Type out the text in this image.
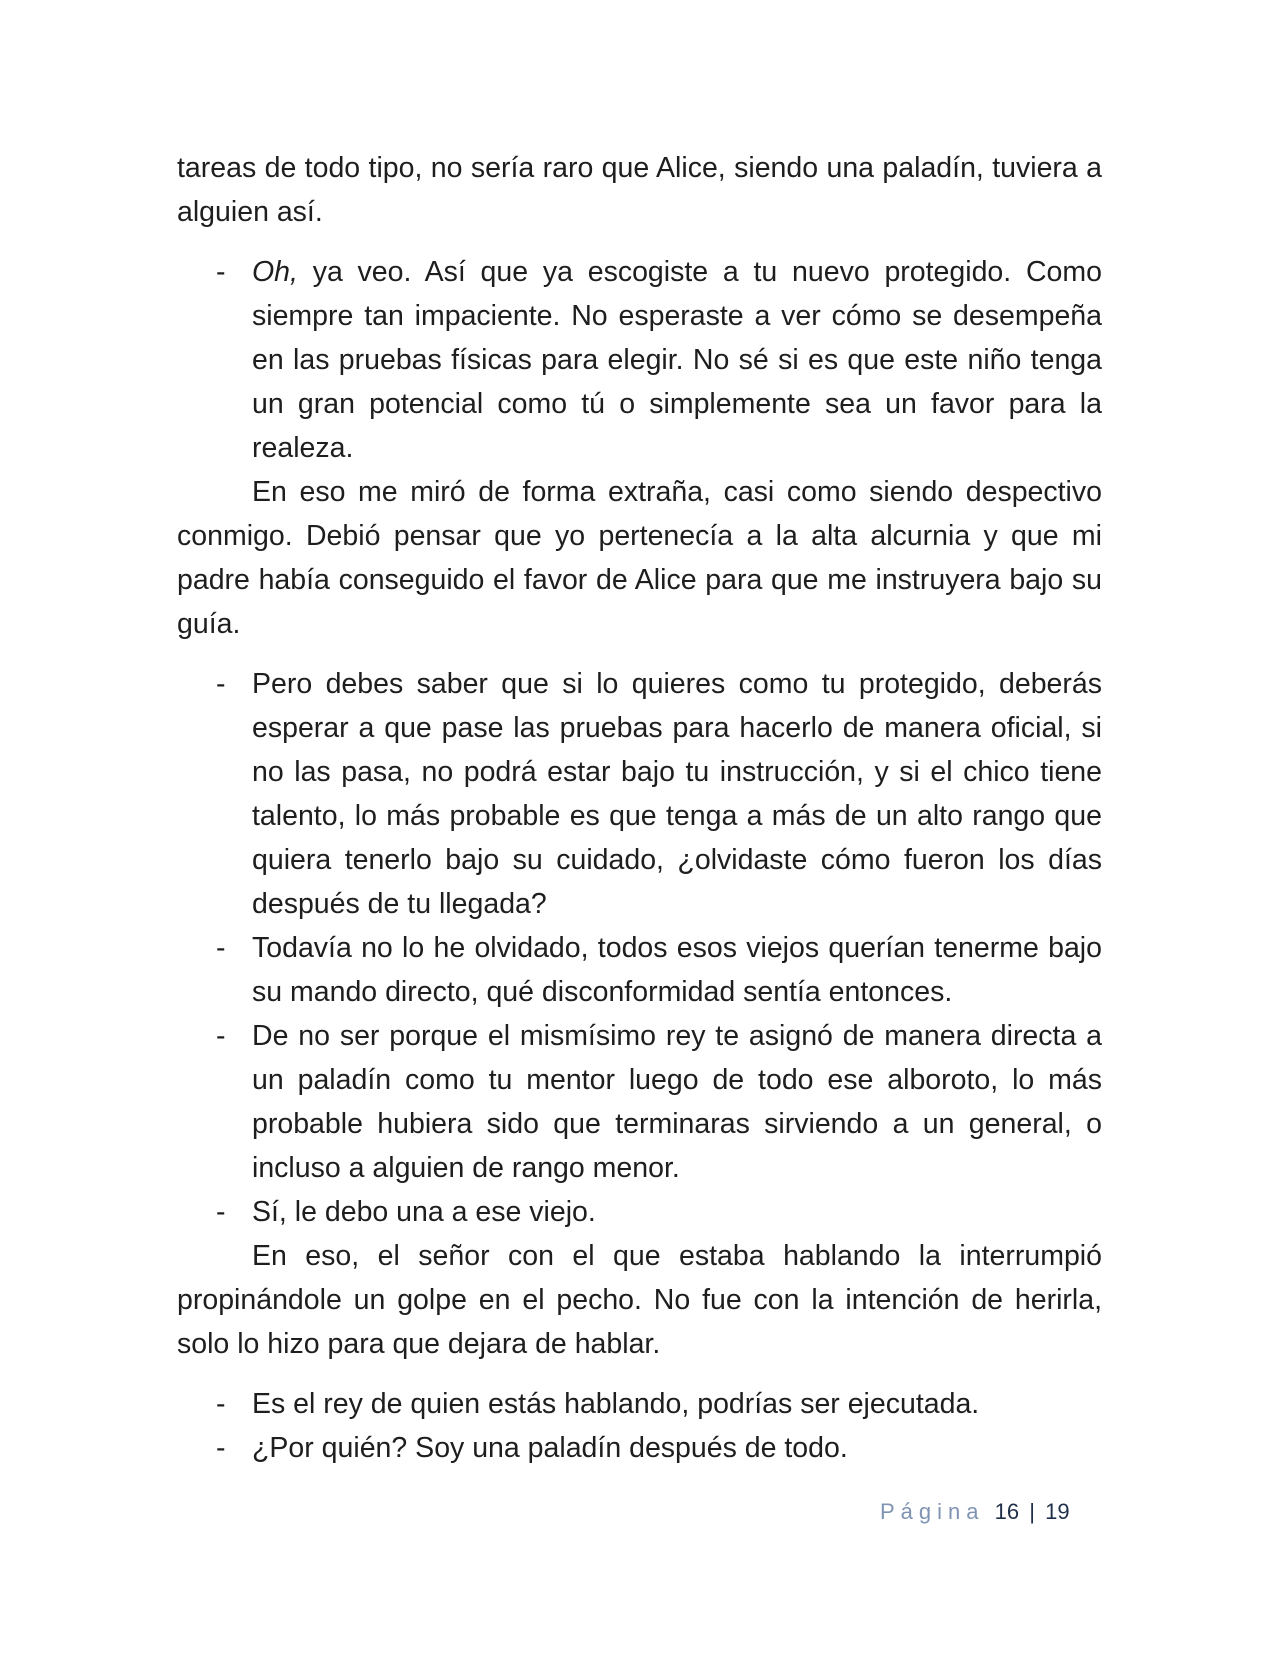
tareas de todo tipo, no sería raro que Alice, siendo una paladín, tuviera a alguien así.

- Oh, ya veo. Así que ya escogiste a tu nuevo protegido. Como siempre tan impaciente. No esperaste a ver cómo se desempeña en las pruebas físicas para elegir. No sé si es que este niño tenga un gran potencial como tú o simplemente sea un favor para la realeza.

En eso me miró de forma extraña, casi como siendo despectivo conmigo. Debió pensar que yo pertenecía a la alta alcurnia y que mi padre había conseguido el favor de Alice para que me instruyera bajo su guía.

- Pero debes saber que si lo quieres como tu protegido, deberás esperar a que pase las pruebas para hacerlo de manera oficial, si no las pasa, no podrá estar bajo tu instrucción, y si el chico tiene talento, lo más probable es que tenga a más de un alto rango que quiera tenerlo bajo su cuidado, ¿olvidaste cómo fueron los días después de tu llegada?
- Todavía no lo he olvidado, todos esos viejos querían tenerme bajo su mando directo, qué disconformidad sentía entonces.
- De no ser porque el mismísimo rey te asignó de manera directa a un paladín como tu mentor luego de todo ese alboroto, lo más probable hubiera sido que terminaras sirviendo a un general, o incluso a alguien de rango menor.
- Sí, le debo una a ese viejo.

En eso, el señor con el que estaba hablando la interrumpió propinándole un golpe en el pecho. No fue con la intención de herirla, solo lo hizo para que dejara de hablar.

- Es el rey de quien estás hablando, podrías ser ejecutada.
- ¿Por quién? Soy una paladín después de todo.
Página 16 | 19
